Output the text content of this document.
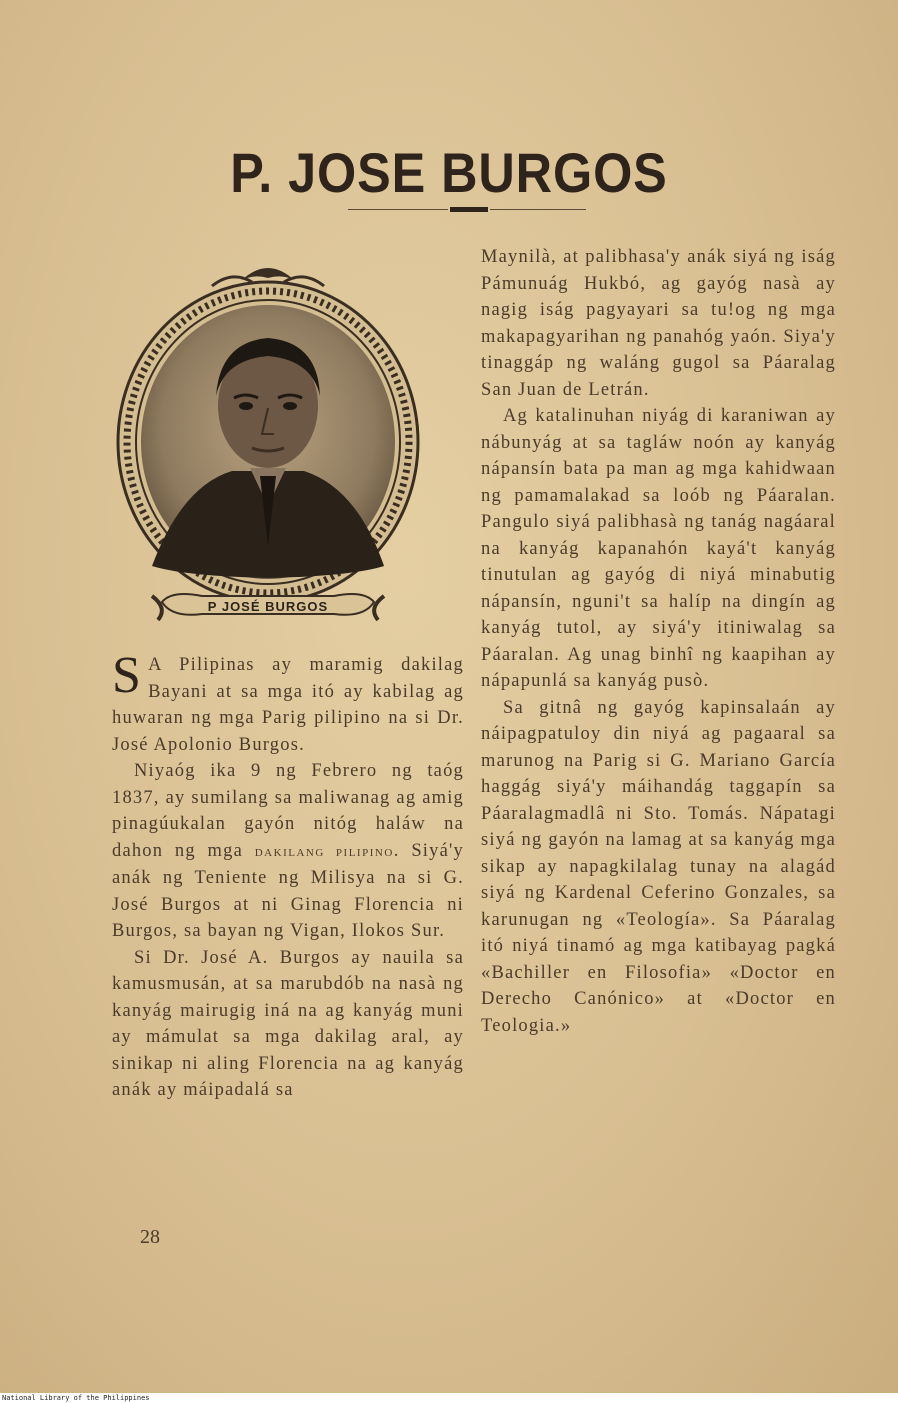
P. JOSE BURGOS
P JOSÉ BURGOS

S A Pilipinas ay maramig dakilag Bayani at sa mga itó ay kabilag ag huwaran ng mga Parig pilipino na si Dr. José Apolonio Burgos.

Niyaóg ika 9 ng Febrero ng taóg 1837, ay sumilang sa maliwanag ag amig pinagúukalan gayón nitóg haláw na dahon ng mga dakilang pilipino. Siyá'y anák ng Teniente ng Milisya na si G. José Burgos at ni Ginag Florencia ni Burgos, sa bayan ng Vigan, Ilokos Sur.

Si Dr. José A. Burgos ay nauila sa kamusmusán, at sa marubdób na nasà ng kanyág mairugig iná na ag kanyág muni ay mámulat sa mga dakilag aral, ay sinikap ni aling Florencia na ag kanyág anák ay máipadalá sa

Maynilà, at palibhasa'y anák siyá ng iság Pámunuág Hukbó, ag gayóg nasà ay nagig iság pagyayari sa tu!og ng mga makapagyarihan ng panahóg yaón. Siya'y tinaggáp ng waláng gugol sa Páaralag San Juan de Letrán.

Ag katalinuhan niyág di karaniwan ay nábunyág at sa tagláw noón ay kanyág nápansín bata pa man ag mga kahidwaan ng pamamalakad sa loób ng Páaralan. Pangulo siyá palibhasà ng tanág nagáaral na kanyág kapanahón kayá't kanyág tinutulan ag gayóg di niyá minabutig nápansín, nguni't sa halíp na dingín ag kanyág tutol, ay siyá'y itiniwalag sa Páaralan. Ag unag binhî ng kaapihan ay nápapunlá sa kanyág pusò.

Sa gitnâ ng gayóg kapinsalaán ay náipagpatuloy din niyá ag pagaaral sa marunog na Parig si G. Mariano García haggág siyá'y máihandág taggapín sa Páaralagmadlâ ni Sto. Tomás. Nápatagi siyá ng gayón na lamag at sa kanyág mga sikap ay napagkilalag tunay na alagád siyá ng Kardenal Ceferino Gonzales, sa karunugan ng «Teología». Sa Páaralag itó niyá tinamó ag mga katibayag pagká «Bachiller en Filosofia» «Doctor en Derecho Canónico» at «Doctor en Teologia.»

28
National Library of the Philippines
